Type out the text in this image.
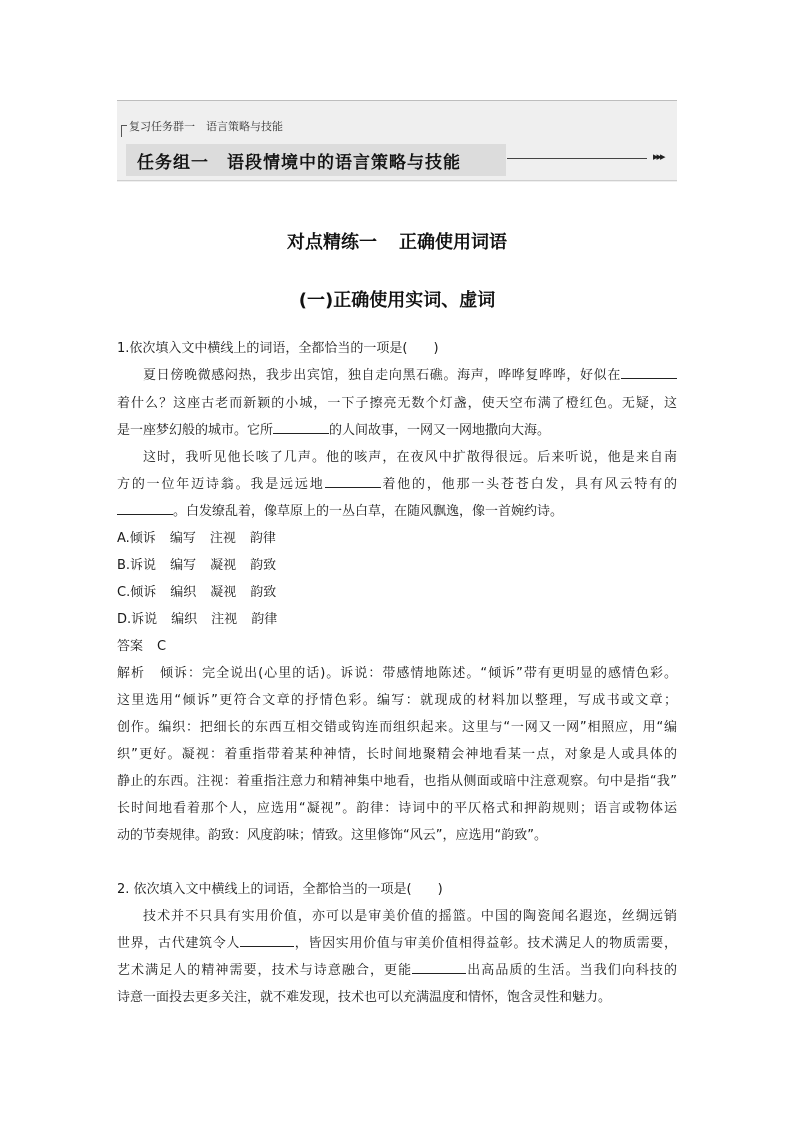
复习任务群一　语言策略与技能
任务组一　语段情境中的语言策略与技能	▸▸▸
对点精练一 正确使用词语
(一)正确使用实词、虚词
1.依次填入文中横线上的词语，全都恰当的一项是(　　)
夏日傍晚微感闷热，我步出宾馆，独自走向黑石礁。海声，哗哗复哗哗，好似在
着什么？这座古老而新颖的小城，一下子擦亮无数个灯盏，使天空布满了橙红色。无疑，这
是一座梦幻般的城市。它所	的人间故事，一网又一网地撒向大海。
这时，我听见他长咳了几声。他的咳声，在夜风中扩散得很远。后来听说，他是来自南
方的一位年迈诗翁。我是远远地	着他的，他那一头苍苍白发，具有风云特有的
。白发缭乱着，像草原上的一丛白草，在随风飘逸，像一首婉约诗。
A.倾诉 编写 注视 韵律
B.诉说 编写 凝视 韵致
C.倾诉 编织 凝视 韵致
D.诉说 编织 注视 韵律
答案 C
解析 倾诉：完全说出(心里的话)。诉说：带感情地陈述。“倾诉”带有更明显的感情色彩。
这里选用“倾诉”更符合文章的抒情色彩。编写：就现成的材料加以整理，写成书或文章；
创作。编织：把细长的东西互相交错或钩连而组织起来。这里与“一网又一网”相照应，用“编
织”更好。凝视：着重指带着某种神情，长时间地聚精会神地看某一点，对象是人或具体的
静止的东西。注视：着重指注意力和精神集中地看，也指从侧面或暗中注意观察。句中是指“我”
长时间地看着那个人，应选用“凝视”。韵律：诗词中的平仄格式和押韵规则；语言或物体运
动的节奏规律。韵致：风度韵味；情致。这里修饰“风云”，应选用“韵致”。
2. 依次填入文中横线上的词语，全都恰当的一项是(　　)
技术并不只具有实用价值，亦可以是审美价值的摇篮。中国的陶瓷闻名遐迩，丝绸远销
世界，古代建筑令人	，皆因实用价值与审美价值相得益彰。技术满足人的物质需要，
艺术满足人的精神需要，技术与诗意融合，更能	出高品质的生活。当我们向科技的
诗意一面投去更多关注，就不难发现，技术也可以充满温度和情怀，饱含灵性和魅力。
